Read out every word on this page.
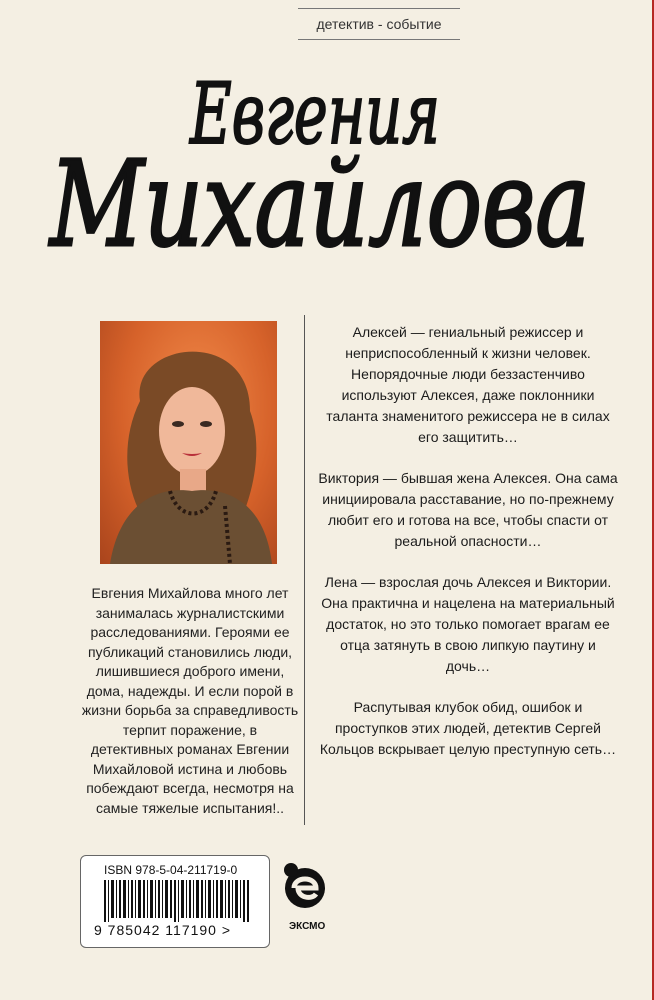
детектив - событие
Евгения
Михайлова
Евгения Михайлова много лет занималась журналистскими расследованиями. Героями ее публикаций становились люди, лишившиеся доброго имени, дома, надежды. И если порой в жизни борьба за справедливость терпит поражение, в детективных романах Евгении Михайловой истина и любовь побеждают всегда, несмотря на самые тяжелые испытания!..

Алексей — гениальный режиссер и неприспособленный к жизни человек. Непорядочные люди беззастенчиво используют Алексея, даже поклонники таланта знаменитого режиссера не в силах его защитить…

Виктория — бывшая жена Алексея. Она сама инициировала расставание, но по-прежнему любит его и готова на все, чтобы спасти от реальной опасности…

Лена — взрослая дочь Алексея и Виктории. Она практична и нацелена на материальный достаток, но это только помогает врагам ее отца затянуть в свою липкую паутину и дочь…

Распутывая клубок обид, ошибок и проступков этих людей, детектив Сергей Кольцов вскрывает целую преступную сеть…

ISBN 978-5-04-211719-0
9 785042 117190 >	ЭКСМО
